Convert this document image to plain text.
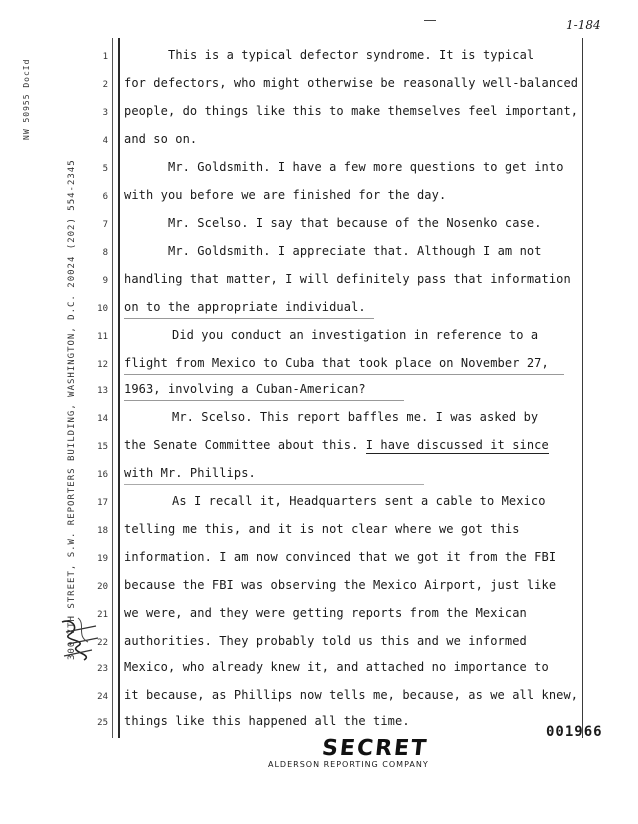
1-184
NW 50955 DocId
300 7TH STREET, S.W. REPORTERS BUILDING, WASHINGTON, D.C. 20024 (202) 554-2345
1
2
3
4
5
6
7
8
9
10
11
12
13
14
15
16
17
18
19
20
21
22
23
24
25
This is a typical defector syndrome. It is typical
for defectors, who might otherwise be reasonally well-balanced
people, do things like this to make themselves feel important,
and so on.
Mr. Goldsmith. I have a few more questions to get into
with you before we are finished for the day.
Mr. Scelso. I say that because of the Nosenko case.
Mr. Goldsmith. I appreciate that. Although I am not
handling that matter, I will definitely pass that information
on to the appropriate individual.
Did you conduct an investigation in reference to a
flight from Mexico to Cuba that took place on November 27,
1963, involving a Cuban-American?
Mr. Scelso. This report baffles me. I was asked by
the Senate Committee about this. I have discussed it since
with Mr. Phillips.
As I recall it, Headquarters sent a cable to Mexico
telling me this, and it is not clear where we got this
information. I am now convinced that we got it from the FBI
because the FBI was observing the Mexico Airport, just like
we were, and they were getting reports from the Mexican
authorities. They probably told us this and we informed
Mexico, who already knew it, and attached no importance to
it because, as Phillips now tells me, because, as we all knew,
things like this happened all the time.
001966
SECRET
ALDERSON REPORTING COMPANY
